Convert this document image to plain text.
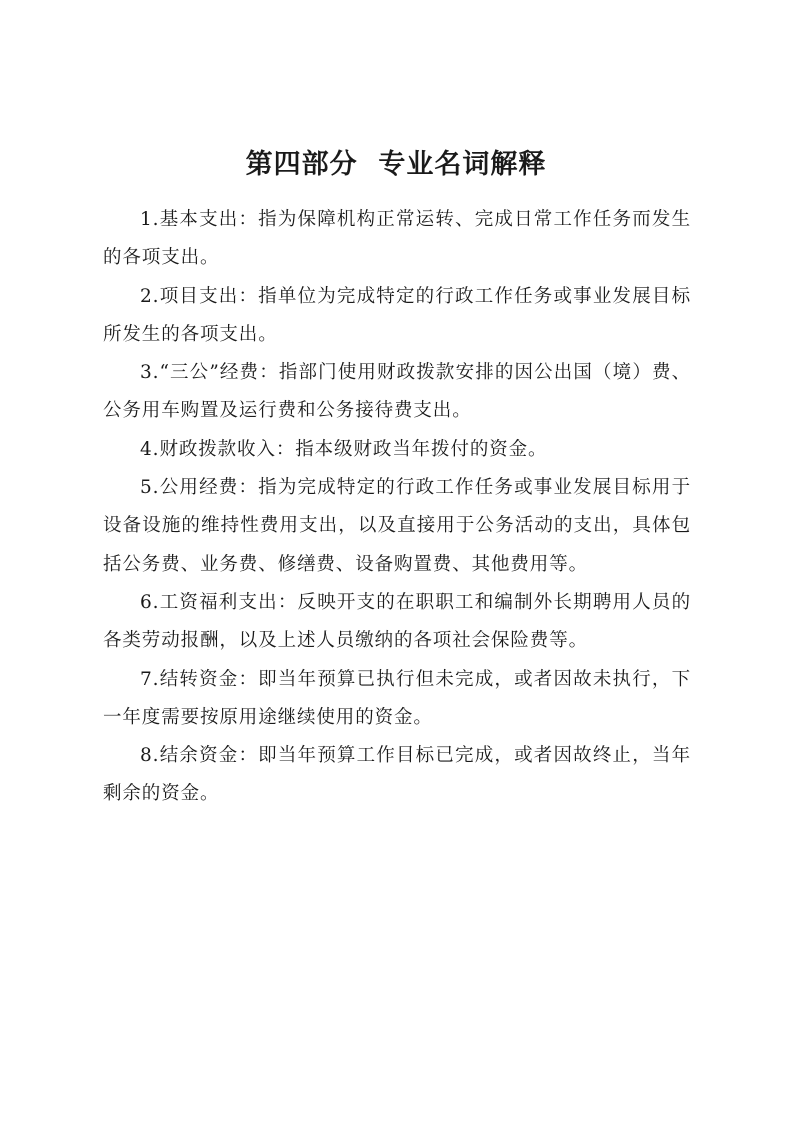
第四部分  专业名词解释

1.基本支出：指为保障机构正常运转、完成日常工作任务而发生的各项支出。

2.项目支出：指单位为完成特定的行政工作任务或事业发展目标所发生的各项支出。

3.“三公”经费：指部门使用财政拨款安排的因公出国（境）费、公务用车购置及运行费和公务接待费支出。

4.财政拨款收入：指本级财政当年拨付的资金。

5.公用经费：指为完成特定的行政工作任务或事业发展目标用于设备设施的维持性费用支出，以及直接用于公务活动的支出，具体包括公务费、业务费、修缮费、设备购置费、其他费用等。

6.工资福利支出：反映开支的在职职工和编制外长期聘用人员的各类劳动报酬，以及上述人员缴纳的各项社会保险费等。

7.结转资金：即当年预算已执行但未完成，或者因故未执行，下一年度需要按原用途继续使用的资金。

8.结余资金：即当年预算工作目标已完成，或者因故终止，当年剩余的资金。
